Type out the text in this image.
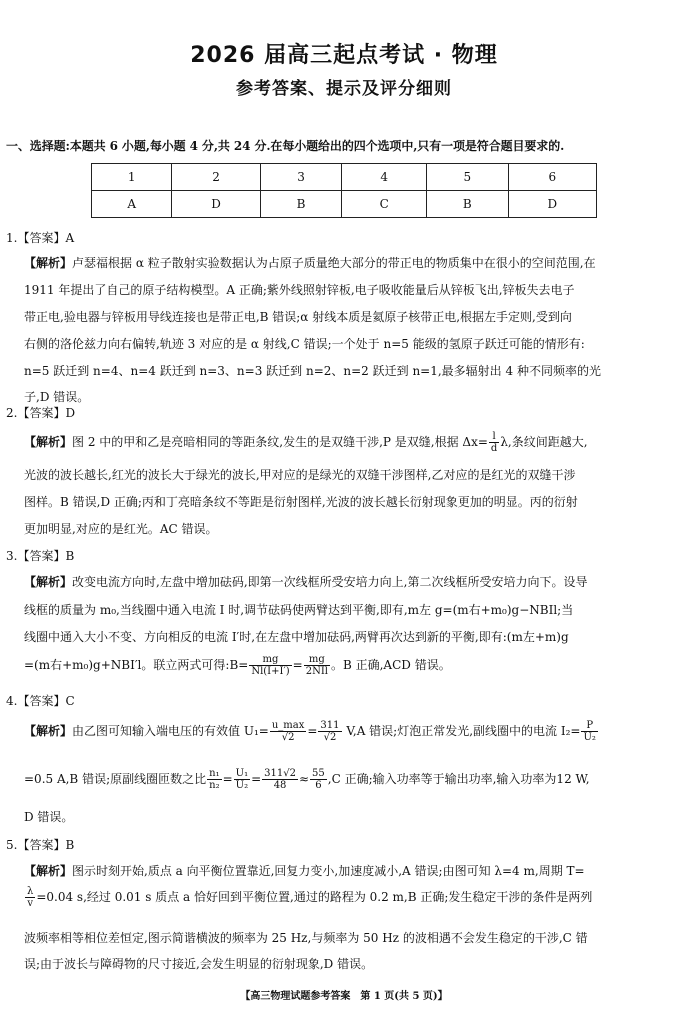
2026 届高三起点考试 · 物理
参考答案、提示及评分细则
一、选择题:本题共 6 小题,每小题 4 分,共 24 分.在每小题给出的四个选项中,只有一项是符合题目要求的.
1	2	3	4	5	6
A	D	B	C	B	D
1.【答案】A
【解析】卢瑟福根据 α 粒子散射实验数据认为占原子质量绝大部分的带正电的物质集中在很小的空间范围,在
1911 年提出了自己的原子结构模型。A 正确;紫外线照射锌板,电子吸收能量后从锌板飞出,锌板失去电子
带正电,验电器与锌板用导线连接也是带正电,B 错误;α 射线本质是氦原子核带正电,根据左手定则,受到向
右侧的洛伦兹力向右偏转,轨迹 3 对应的是 α 射线,C 错误;一个处于 n=5 能级的氢原子跃迁可能的情形有:
n=5 跃迁到 n=4、n=4 跃迁到 n=3、n=3 跃迁到 n=2、n=2 跃迁到 n=1,最多辐射出 4 种不同频率的光
子,D 错误。
2.【答案】D
【解析】图 2 中的甲和乙是亮暗相同的等距条纹,发生的是双缝干涉,P 是双缝,根据 $\Delta x= \frac{l}{d} \lambda$,条纹间距越大,
光波的波长越长,红光的波长大于绿光的波长,甲对应的是绿光的双缝干涉图样,乙对应的是红光的双缝干涉
图样。B 错误,D 正确;丙和丁亮暗条纹不等距是衍射图样,光波的波长越长衍射现象更加的明显。丙的衍射
更加明显,对应的是红光。AC 错误。
3.【答案】B
【解析】改变电流方向时,左盘中增加砝码,即第一次线框所受安培力向上,第二次线框所受安培力向下。设导
线框的质量为 m₀,当线圈中通入电流 I 时,调节砝码使两臂达到平衡,即有,m左 g=(m右+m₀)g−NBIl;当
线圈中通入大小不变、方向相反的电流 I′时,在左盘中增加砝码,两臂再次达到新的平衡,即有:(m左+m)g
=(m右+m₀)g+NBI′l。联立两式可得:B= $\frac{mg}{Nl(I+I')} = \frac{mg}{\text{2NIl}}$ 。B 正确,ACD 错误。
4.【答案】C
【解析】由乙图可知输入端电压的有效值 $U_1= \frac{u\_\max}{√2} = \frac{311}{√2} V,A$ 错误;灯泡正常发光,副线圈中的电流 $I_2= \frac{P}{\text{U₂}}$
=0.5 A,B 错误;原副线圈匝数之比 $\frac{\text{n₁}}{\text{n₂}} = \frac{\text{U₁}}{\text{U₂}} = \frac{311√2}{48} \approx \frac{55}{6} ,C$ 正确;输入功率等于输出功率,输入功率为12 W,
D 错误。
5.【答案】B
【解析】图示时刻开始,质点 a 向平衡位置靠近,回复力变小,加速度减小,A 错误;由图可知 λ=4 m,周期 T=
$\frac{\lambda}{v} =0.04$ s,经过 0.01 s 质点 a 恰好回到平衡位置,通过的路程为 0.2 m,B 正确;发生稳定干涉的条件是两列
波频率相等相位差恒定,图示简谐横波的频率为 25 Hz,与频率为 50 Hz 的波相遇不会发生稳定的干涉,C 错
误;由于波长与障碍物的尺寸接近,会发生明显的衍射现象,D 错误。
【高三物理试题参考答案　第 1 页(共 5 页)】
